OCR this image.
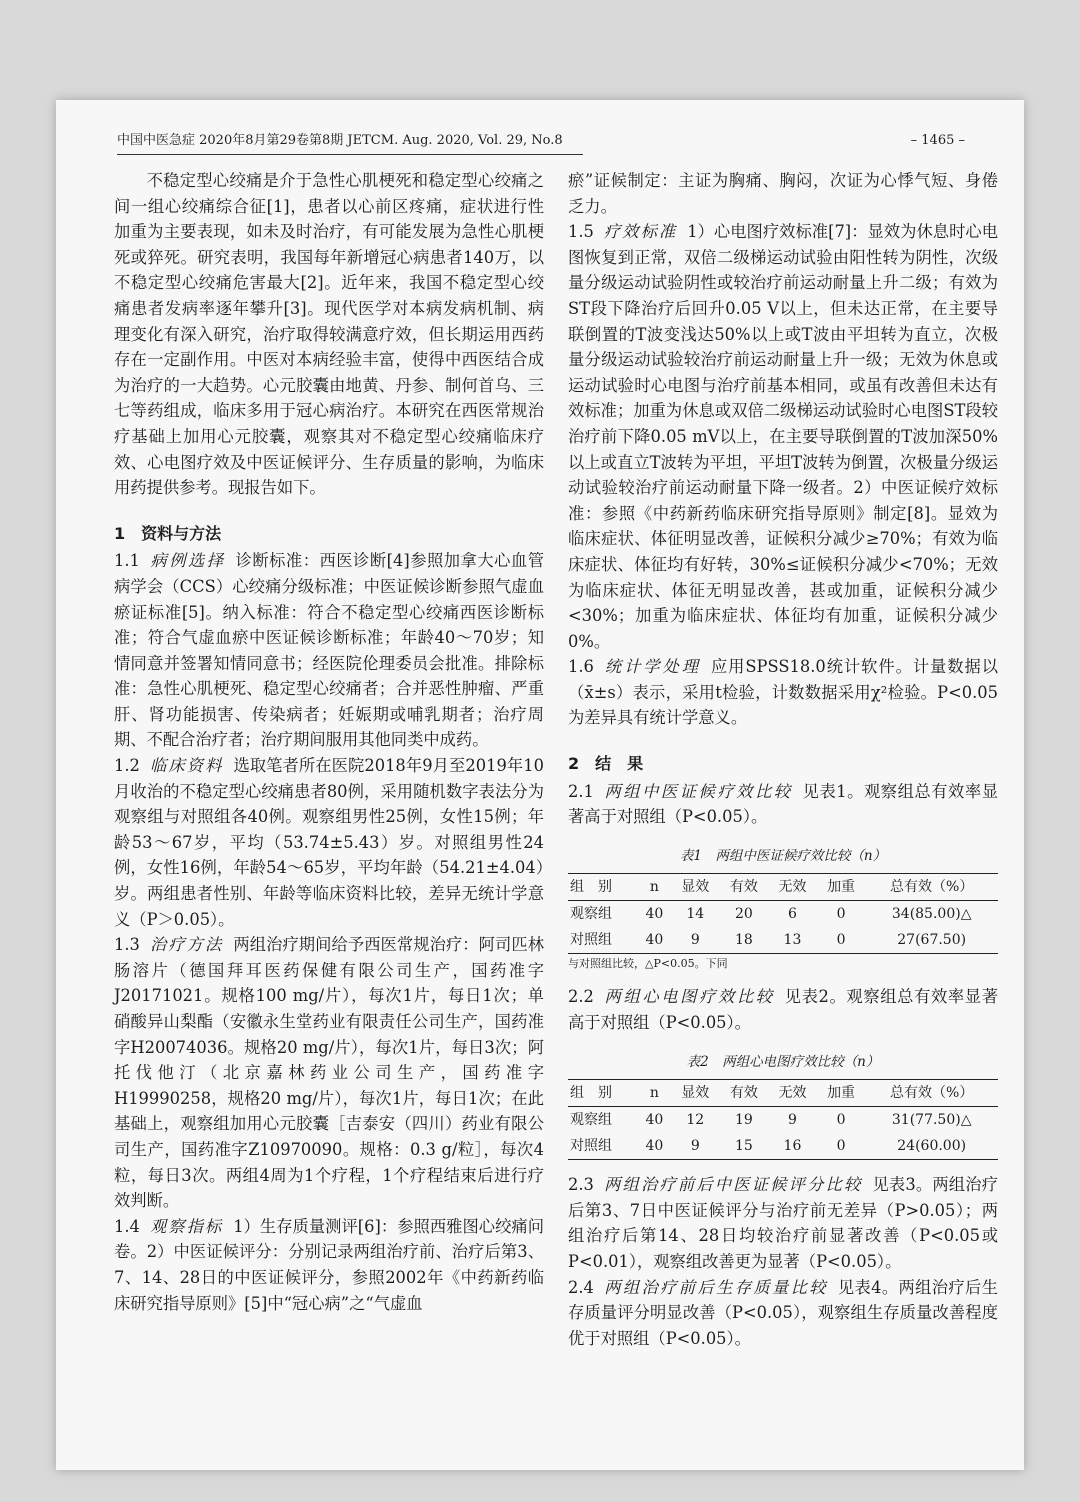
中国中医急症 2020年8月第29卷第8期 JETCM. Aug. 2020, Vol. 29, No.8	– 1465 –

不稳定型心绞痛是介于急性心肌梗死和稳定型心绞痛之间一组心绞痛综合征[1]，患者以心前区疼痛，症状进行性加重为主要表现，如未及时治疗，有可能发展为急性心肌梗死或猝死。研究表明，我国每年新增冠心病患者140万，以不稳定型心绞痛危害最大[2]。近年来，我国不稳定型心绞痛患者发病率逐年攀升[3]。现代医学对本病发病机制、病理变化有深入研究，治疗取得较满意疗效，但长期运用西药存在一定副作用。中医对本病经验丰富，使得中西医结合成为治疗的一大趋势。心元胶囊由地黄、丹参、制何首乌、三七等药组成，临床多用于冠心病治疗。本研究在西医常规治疗基础上加用心元胶囊，观察其对不稳定型心绞痛临床疗效、心电图疗效及中医证候评分、生存质量的影响，为临床用药提供参考。现报告如下。

1　资料与方法

1.1 病例选择 诊断标准：西医诊断[4]参照加拿大心血管病学会（CCS）心绞痛分级标准；中医证候诊断参照气虚血瘀证标准[5]。纳入标准：符合不稳定型心绞痛西医诊断标准；符合气虚血瘀中医证候诊断标准；年龄40～70岁；知情同意并签署知情同意书；经医院伦理委员会批准。排除标准：急性心肌梗死、稳定型心绞痛者；合并恶性肿瘤、严重肝、肾功能损害、传染病者；妊娠期或哺乳期者；治疗周期、不配合治疗者；治疗期间服用其他同类中成药。

1.2 临床资料 选取笔者所在医院2018年9月至2019年10月收治的不稳定型心绞痛患者80例，采用随机数字表法分为观察组与对照组各40例。观察组男性25例，女性15例；年龄53～67岁，平均（53.74±5.43）岁。对照组男性24例，女性16例，年龄54～65岁，平均年龄（54.21±4.04）岁。两组患者性别、年龄等临床资料比较，差异无统计学意义（P＞0.05）。

1.3 治疗方法 两组治疗期间给予西医常规治疗：阿司匹林肠溶片（德国拜耳医药保健有限公司生产，国药准字J20171021。规格100 mg/片），每次1片，每日1次；单硝酸异山梨酯（安徽永生堂药业有限责任公司生产，国药准字H20074036。规格20 mg/片），每次1片，每日3次；阿托伐他汀（北京嘉林药业公司生产，国药准字H19990258，规格20 mg/片），每次1片，每日1次；在此基础上，观察组加用心元胶囊［吉泰安（四川）药业有限公司生产，国药准字Z10970090。规格：0.3 g/粒］，每次4粒，每日3次。两组4周为1个疗程，1个疗程结束后进行疗效判断。

1.4 观察指标 1）生存质量测评[6]：参照西雅图心绞痛问卷。2）中医证候评分：分别记录两组治疗前、治疗后第3、7、14、28日的中医证候评分，参照2002年《中药新药临床研究指导原则》[5]中“冠心病”之“气虚血

瘀”证候制定：主证为胸痛、胸闷，次证为心悸气短、身倦乏力。

1.5 疗效标准 1）心电图疗效标准[7]：显效为休息时心电图恢复到正常，双倍二级梯运动试验由阳性转为阴性，次级量分级运动试验阴性或较治疗前运动耐量上升二级；有效为ST段下降治疗后回升0.05 V以上，但未达正常，在主要导联倒置的T波变浅达50%以上或T波由平坦转为直立，次极量分级运动试验较治疗前运动耐量上升一级；无效为休息或运动试验时心电图与治疗前基本相同，或虽有改善但未达有效标准；加重为休息或双倍二级梯运动试验时心电图ST段较治疗前下降0.05 mV以上，在主要导联倒置的T波加深50%以上或直立T波转为平坦，平坦T波转为倒置，次极量分级运动试验较治疗前运动耐量下降一级者。2）中医证候疗效标准：参照《中药新药临床研究指导原则》制定[8]。显效为临床症状、体征明显改善，证候积分减少≥70%；有效为临床症状、体征均有好转，30%≤证候积分减少<70%；无效为临床症状、体征无明显改善，甚或加重，证候积分减少<30%；加重为临床症状、体征均有加重，证候积分减少0%。

1.6 统计学处理 应用SPSS18.0统计软件。计量数据以（x̄±s）表示，采用t检验，计数数据采用χ²检验。P<0.05为差异具有统计学意义。

2　结　果

2.1 两组中医证候疗效比较 见表1。观察组总有效率显著高于对照组（P<0.05）。

表1　两组中医证候疗效比较（n）
组　别	n	显效	有效	无效	加重	总有效（%）
观察组	40	14	20	6	0	34(85.00)△
对照组	40	9	18	13	0	27(67.50)
与对照组比较，△P<0.05。下同

2.2 两组心电图疗效比较 见表2。观察组总有效率显著高于对照组（P<0.05）。

表2　两组心电图疗效比较（n）
组　别	n	显效	有效	无效	加重	总有效（%）
观察组	40	12	19	9	0	31(77.50)△
对照组	40	9	15	16	0	24(60.00)

2.3 两组治疗前后中医证候评分比较 见表3。两组治疗后第3、7日中医证候评分与治疗前无差异（P>0.05）；两组治疗后第14、28日均较治疗前显著改善（P<0.05或P<0.01），观察组改善更为显著（P<0.05）。

2.4 两组治疗前后生存质量比较 见表4。两组治疗后生存质量评分明显改善（P<0.05），观察组生存质量改善程度优于对照组（P<0.05）。
